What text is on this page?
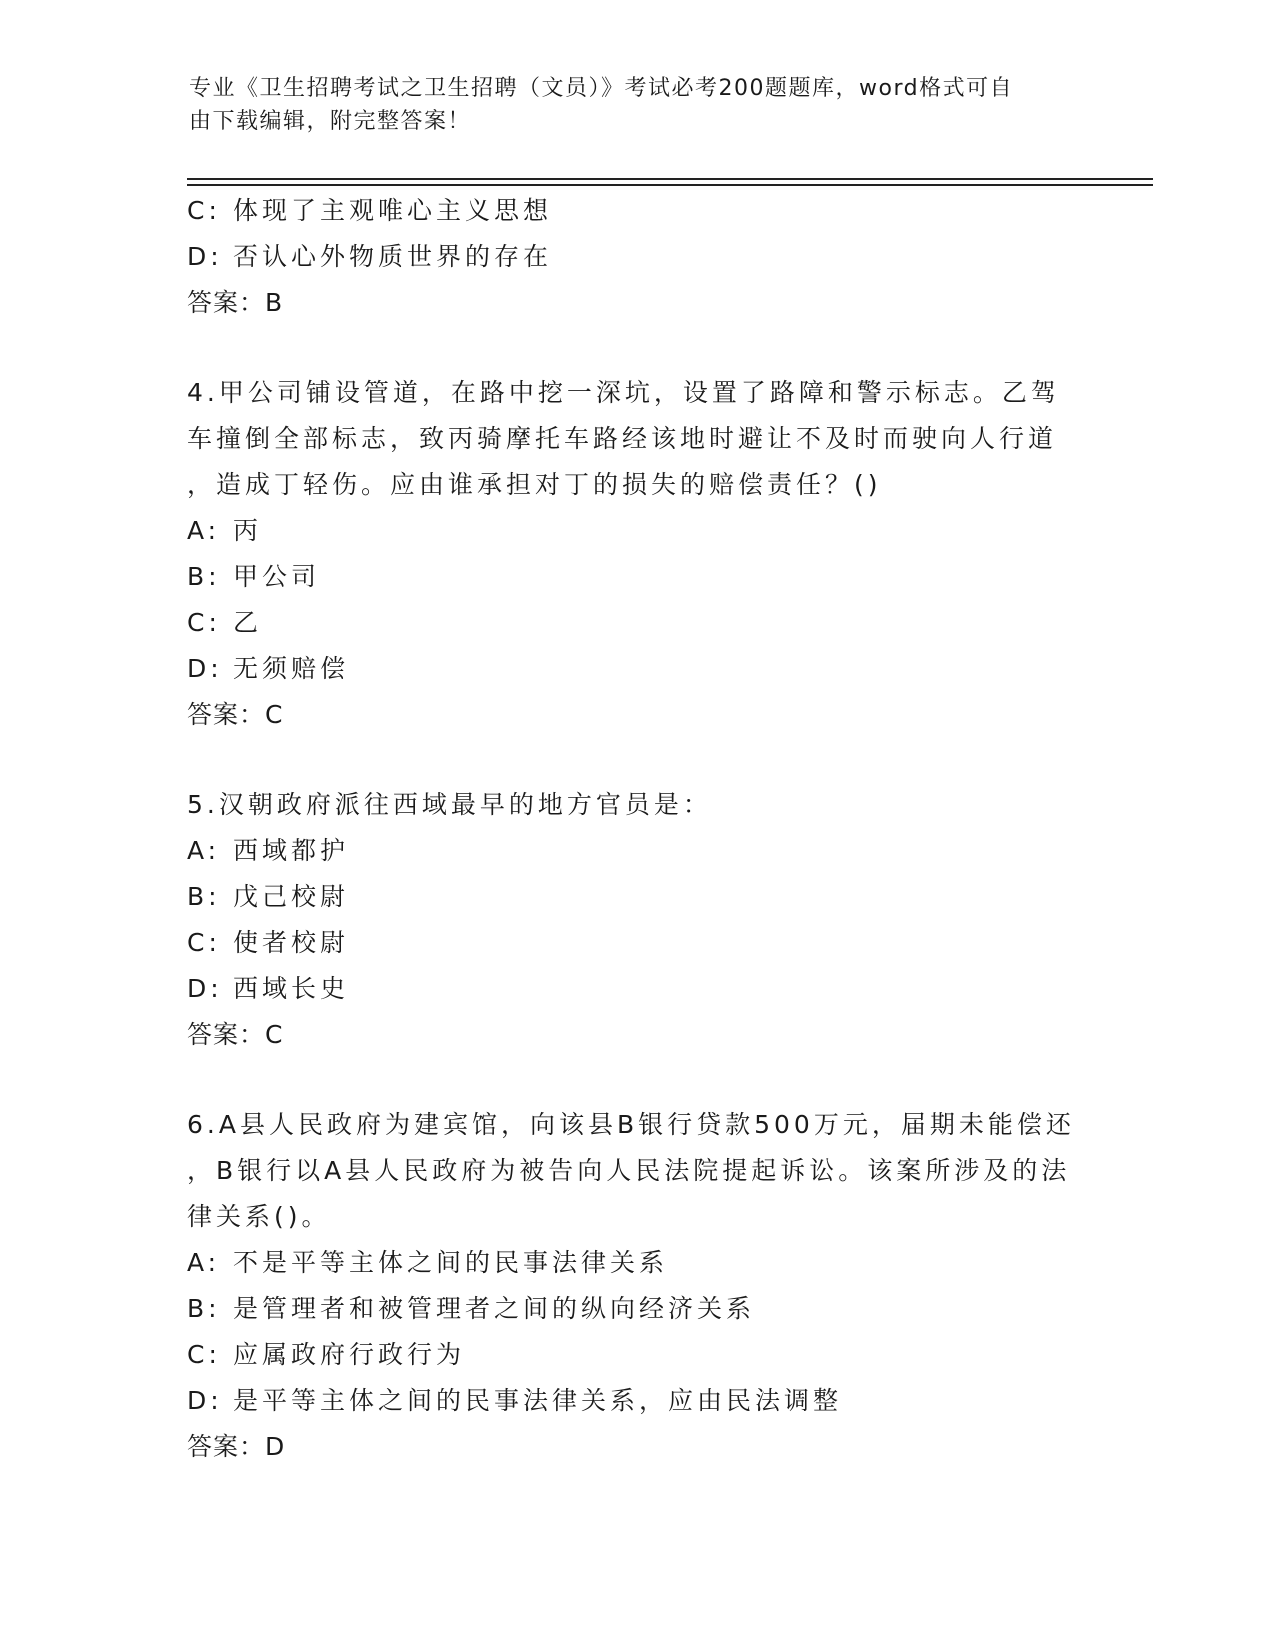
专业《卫生招聘考试之卫生招聘（文员）》考试必考200题题库，word格式可自
由下载编辑，附完整答案！
C: 体现了主观唯心主义思想
D: 否认心外物质世界的存在
答案：B
4.甲公司铺设管道，在路中挖一深坑，设置了路障和警示标志。乙驾
车撞倒全部标志，致丙骑摩托车路经该地时避让不及时而驶向人行道
，造成丁轻伤。应由谁承担对丁的损失的赔偿责任？()
A: 丙
B: 甲公司
C: 乙
D: 无须赔偿
答案：C
5.汉朝政府派往西域最早的地方官员是：
A: 西域都护
B: 戊己校尉
C: 使者校尉
D: 西域长史
答案：C
6.A县人民政府为建宾馆，向该县B银行贷款500万元，届期未能偿还
，B银行以A县人民政府为被告向人民法院提起诉讼。该案所涉及的法
律关系()。
A: 不是平等主体之间的民事法律关系
B: 是管理者和被管理者之间的纵向经济关系
C: 应属政府行政行为
D: 是平等主体之间的民事法律关系，应由民法调整
答案：D
